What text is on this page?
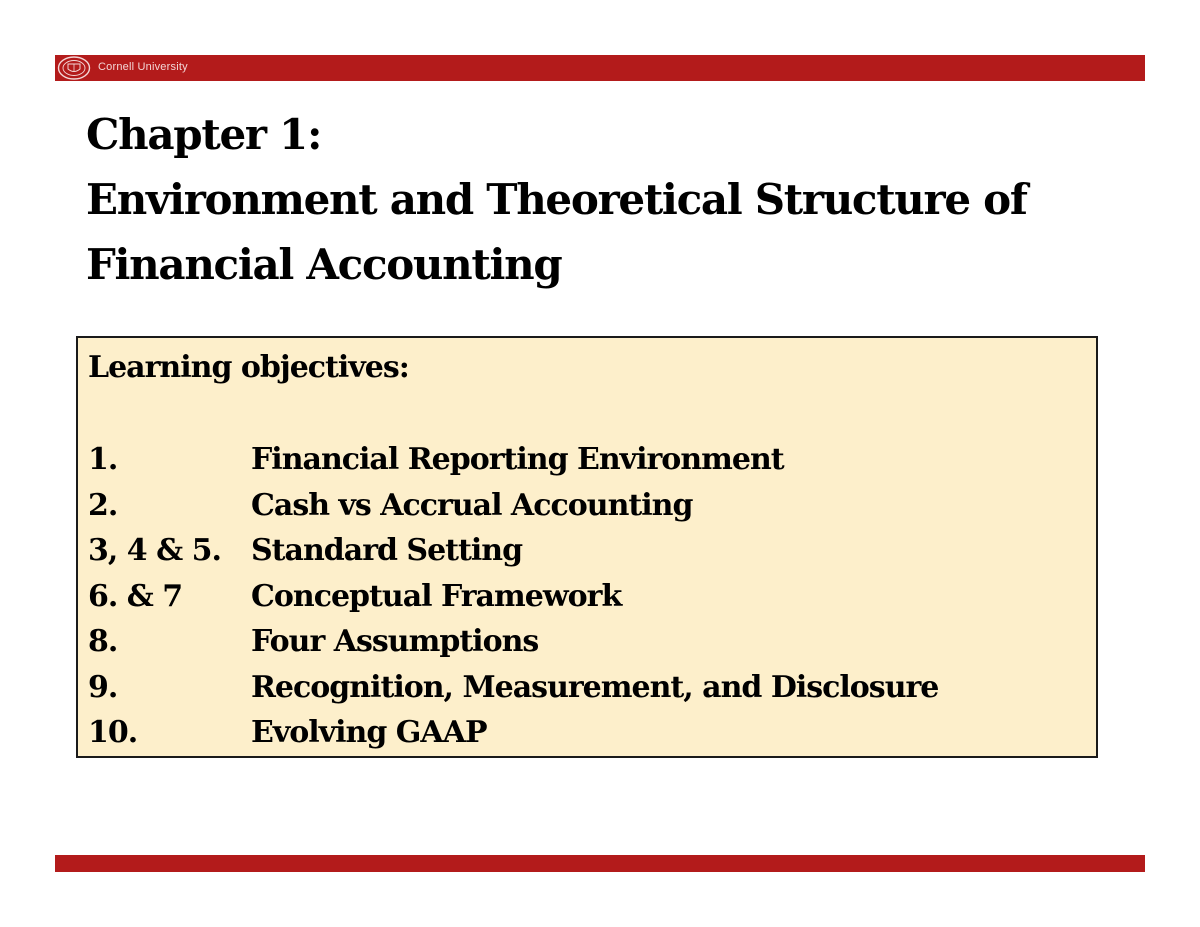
Cornell University
Chapter 1:
Environment and Theoretical Structure of
Financial Accounting
Learning objectives:
1.	Financial Reporting Environment
2.	Cash vs Accrual Accounting
3, 4 & 5.	Standard Setting
6. & 7	Conceptual Framework
8.	Four Assumptions
9.	Recognition, Measurement, and Disclosure
10.	Evolving GAAP
